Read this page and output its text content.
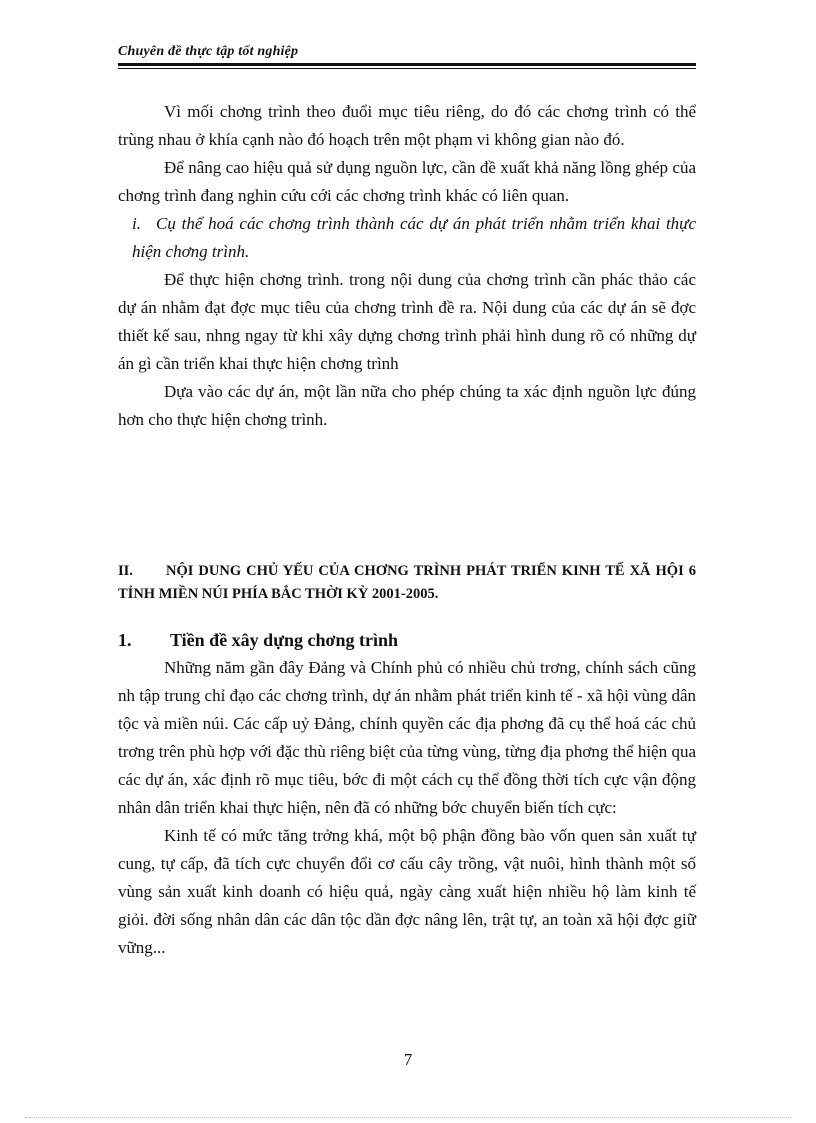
Chuyên đề thực tập tốt nghiệp

Vì mối chơng trình theo đuổi mục tiêu riêng, do đó các chơng trình có thể trùng nhau ở khía cạnh nào đó hoạch trên một phạm vi không gian nào đó.

Để nâng cao hiệu quả sử dụng nguồn lực, cần đề xuất khả năng lồng ghép của chơng trình đang nghin cứu cới các chơng trình khác có liên quan.

i. Cụ thể hoá các chơng trình thành các dự án phát triển nhằm triển khai thực hiện chơng trình.

Để thực hiện chơng trình. trong nội dung của chơng trình cần phác thảo các dự án nhằm đạt đợc mục tiêu của chơng trình đề ra. Nội dung của các dự án sẽ đợc thiết kế sau, nhng ngay từ khi xây dựng chơng trình phải hình dung rõ có những dự án gì cần triển khai thực hiện chơng trình

Dựa vào các dự án, một lần nữa cho phép chúng ta xác định nguồn lực đúng hơn cho thực hiện chơng trình.

II. NỘI DUNG CHỦ YẾU CỦA CHƠNG TRÌNH PHÁT TRIỂN KINH TẾ XÃ HỘI 6 TỈNH MIỀN NÚI PHÍA BẮC THỜI KỲ 2001-2005.
1. Tiền đề xây dựng chơng trình

Những năm gần đây Đảng và Chính phủ có nhiều chủ trơng, chính sách cũng nh tập trung chỉ đạo các chơng trình, dự án nhằm phát triển kinh tế - xã hội vùng dân tộc và miền núi. Các cấp uỷ Đảng, chính quyền các địa phơng đã cụ thể hoá các chủ trơng trên phù hợp với đặc thù riêng biệt của từng vùng, từng địa phơng thể hiện qua các dự án, xác định rõ mục tiêu, bớc đi một cách cụ thể đồng thời tích cực vận động nhân dân triển khai thực hiện, nên đã có những bớc chuyển biến tích cực:

Kinh tế có mức tăng trởng khá, một bộ phận đồng bào vốn quen sản xuất tự cung, tự cấp, đã tích cực chuyển đổi cơ cấu cây trồng, vật nuôi, hình thành một số vùng sản xuất kinh doanh có hiệu quả, ngày càng xuất hiện nhiều hộ làm kinh tế giỏi. đời sống nhân dân các dân tộc dần đợc nâng lên, trật tự, an toàn xã hội đợc giữ vững...

7
